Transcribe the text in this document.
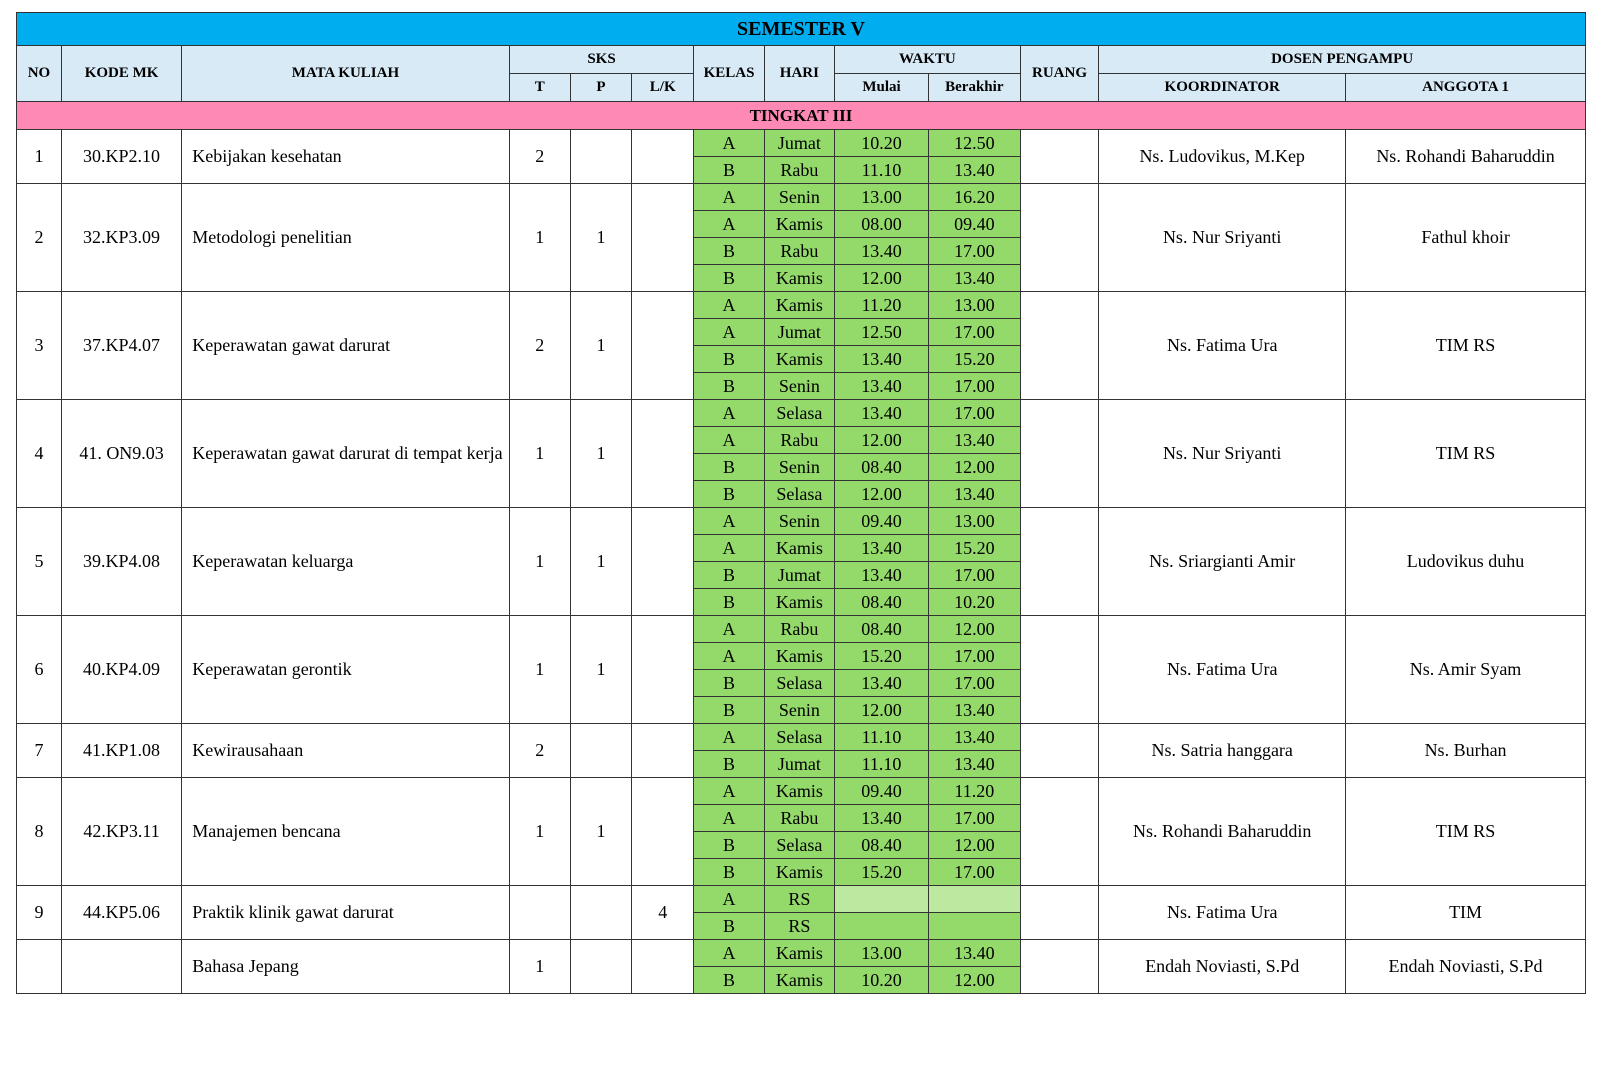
SEMESTER V												
NO	KODE MK	MATA KULIAH	SKS			KELAS	HARI	WAKTU		RUANG	DOSEN PENGAMPU	
			T	P	L/K			Mulai	Berakhir		KOORDINATOR	ANGGOTA 1
TINGKAT III												
1	30.KP2.10	Kebijakan kesehatan	2			A	Jumat	10.20	12.50		Ns. Ludovikus, M.Kep	Ns. Rohandi Baharuddin
						B	Rabu	11.10	13.40			
2	32.KP3.09	Metodologi penelitian	1	1		A	Senin	13.00	16.20		Ns. Nur Sriyanti	Fathul khoir
						A	Kamis	08.00	09.40			
						B	Rabu	13.40	17.00			
						B	Kamis	12.00	13.40			
3	37.KP4.07	Keperawatan gawat darurat	2	1		A	Kamis	11.20	13.00		Ns. Fatima Ura	TIM RS
						A	Jumat	12.50	17.00			
						B	Kamis	13.40	15.20			
						B	Senin	13.40	17.00			
4	41. ON9.03	Keperawatan gawat darurat di tempat kerja	1	1		A	Selasa	13.40	17.00		Ns. Nur Sriyanti	TIM RS
						A	Rabu	12.00	13.40			
						B	Senin	08.40	12.00			
						B	Selasa	12.00	13.40			
5	39.KP4.08	Keperawatan keluarga	1	1		A	Senin	09.40	13.00		Ns. Sriargianti Amir	Ludovikus duhu
						A	Kamis	13.40	15.20			
						B	Jumat	13.40	17.00			
						B	Kamis	08.40	10.20			
6	40.KP4.09	Keperawatan gerontik	1	1		A	Rabu	08.40	12.00		Ns. Fatima Ura	Ns. Amir Syam
						A	Kamis	15.20	17.00			
						B	Selasa	13.40	17.00			
						B	Senin	12.00	13.40			
7	41.KP1.08	Kewirausahaan	2			A	Selasa	11.10	13.40		Ns. Satria hanggara	Ns. Burhan
						B	Jumat	11.10	13.40			
8	42.KP3.11	Manajemen bencana	1	1		A	Kamis	09.40	11.20		Ns. Rohandi Baharuddin	TIM RS
						A	Rabu	13.40	17.00			
						B	Selasa	08.40	12.00			
						B	Kamis	15.20	17.00			
9	44.KP5.06	Praktik klinik gawat darurat			4	A	RS				Ns. Fatima Ura	TIM
						B	RS					
		Bahasa Jepang	1			A	Kamis	13.00	13.40		Endah Noviasti, S.Pd	Endah Noviasti, S.Pd
						B	Kamis	10.20	12.00			
